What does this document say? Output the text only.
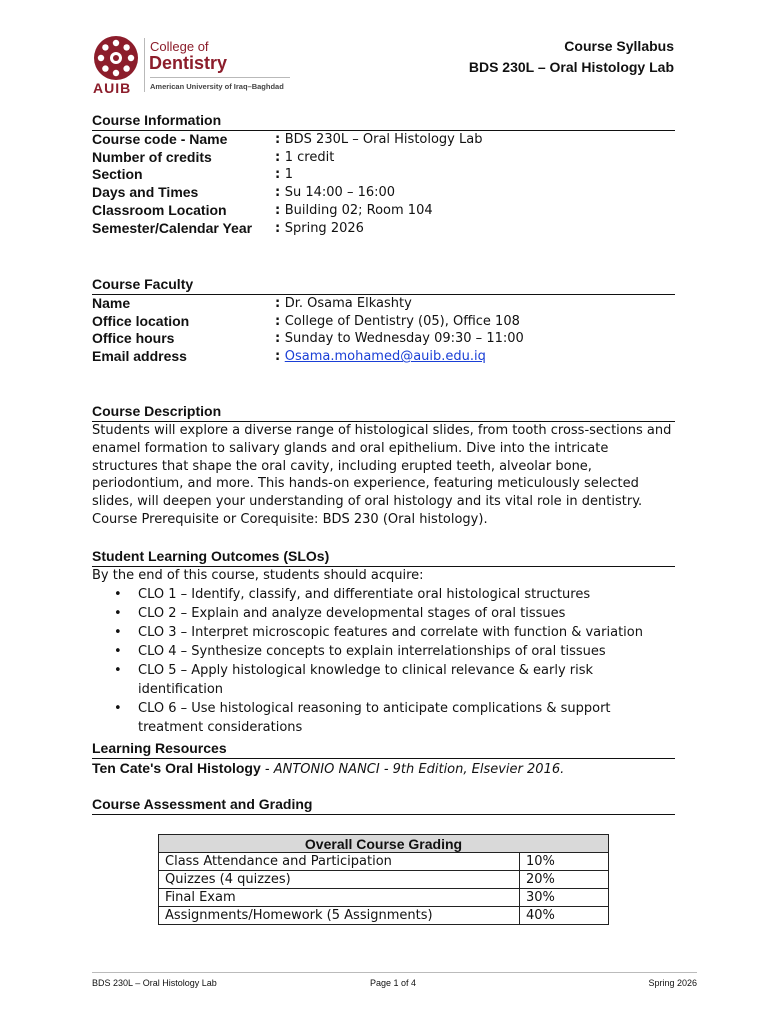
AUIB
College of
Dentistry
American University of Iraq–Baghdad
Course Syllabus
BDS 230L – Oral Histology Lab
Course Information
Course code - Name	: BDS 230L – Oral Histology Lab
Number of credits	: 1 credit
Section	: 1
Days and Times	: Su 14:00 – 16:00
Classroom Location	: Building 02; Room 104
Semester/Calendar Year	: Spring 2026
Course Faculty
Name	: Dr. Osama Elkashty
Office location	: College of Dentistry (05), Office 108
Office hours	: Sunday to Wednesday 09:30 – 11:00
Email address	: Osama.mohamed@auib.edu.iq
Course Description
Students will explore a diverse range of histological slides, from tooth cross-sections and enamel formation to salivary glands and oral epithelium. Dive into the intricate structures that shape the oral cavity, including erupted teeth, alveolar bone, periodontium, and more. This hands-on experience, featuring meticulously selected slides, will deepen your understanding of oral histology and its vital role in dentistry.
Course Prerequisite or Corequisite: BDS 230 (Oral histology).
Student Learning Outcomes (SLOs)
By the end of this course, students should acquire:
• CLO 1 – Identify, classify, and differentiate oral histological structures
• CLO 2 – Explain and analyze developmental stages of oral tissues
• CLO 3 – Interpret microscopic features and correlate with function & variation
• CLO 4 – Synthesize concepts to explain interrelationships of oral tissues
• CLO 5 – Apply histological knowledge to clinical relevance & early risk identification
• CLO 6 – Use histological reasoning to anticipate complications & support treatment considerations
Learning Resources
Ten Cate's Oral Histology - ANTONIO NANCI - 9th Edition, Elsevier 2016.
Course Assessment and Grading
Overall Course Grading	
Class Attendance and Participation	10%
Quizzes (4 quizzes)	20%
Final Exam	30%
Assignments/Homework (5 Assignments)	40%
BDS 230L – Oral Histology Lab	Page 1 of 4	Spring 2026
